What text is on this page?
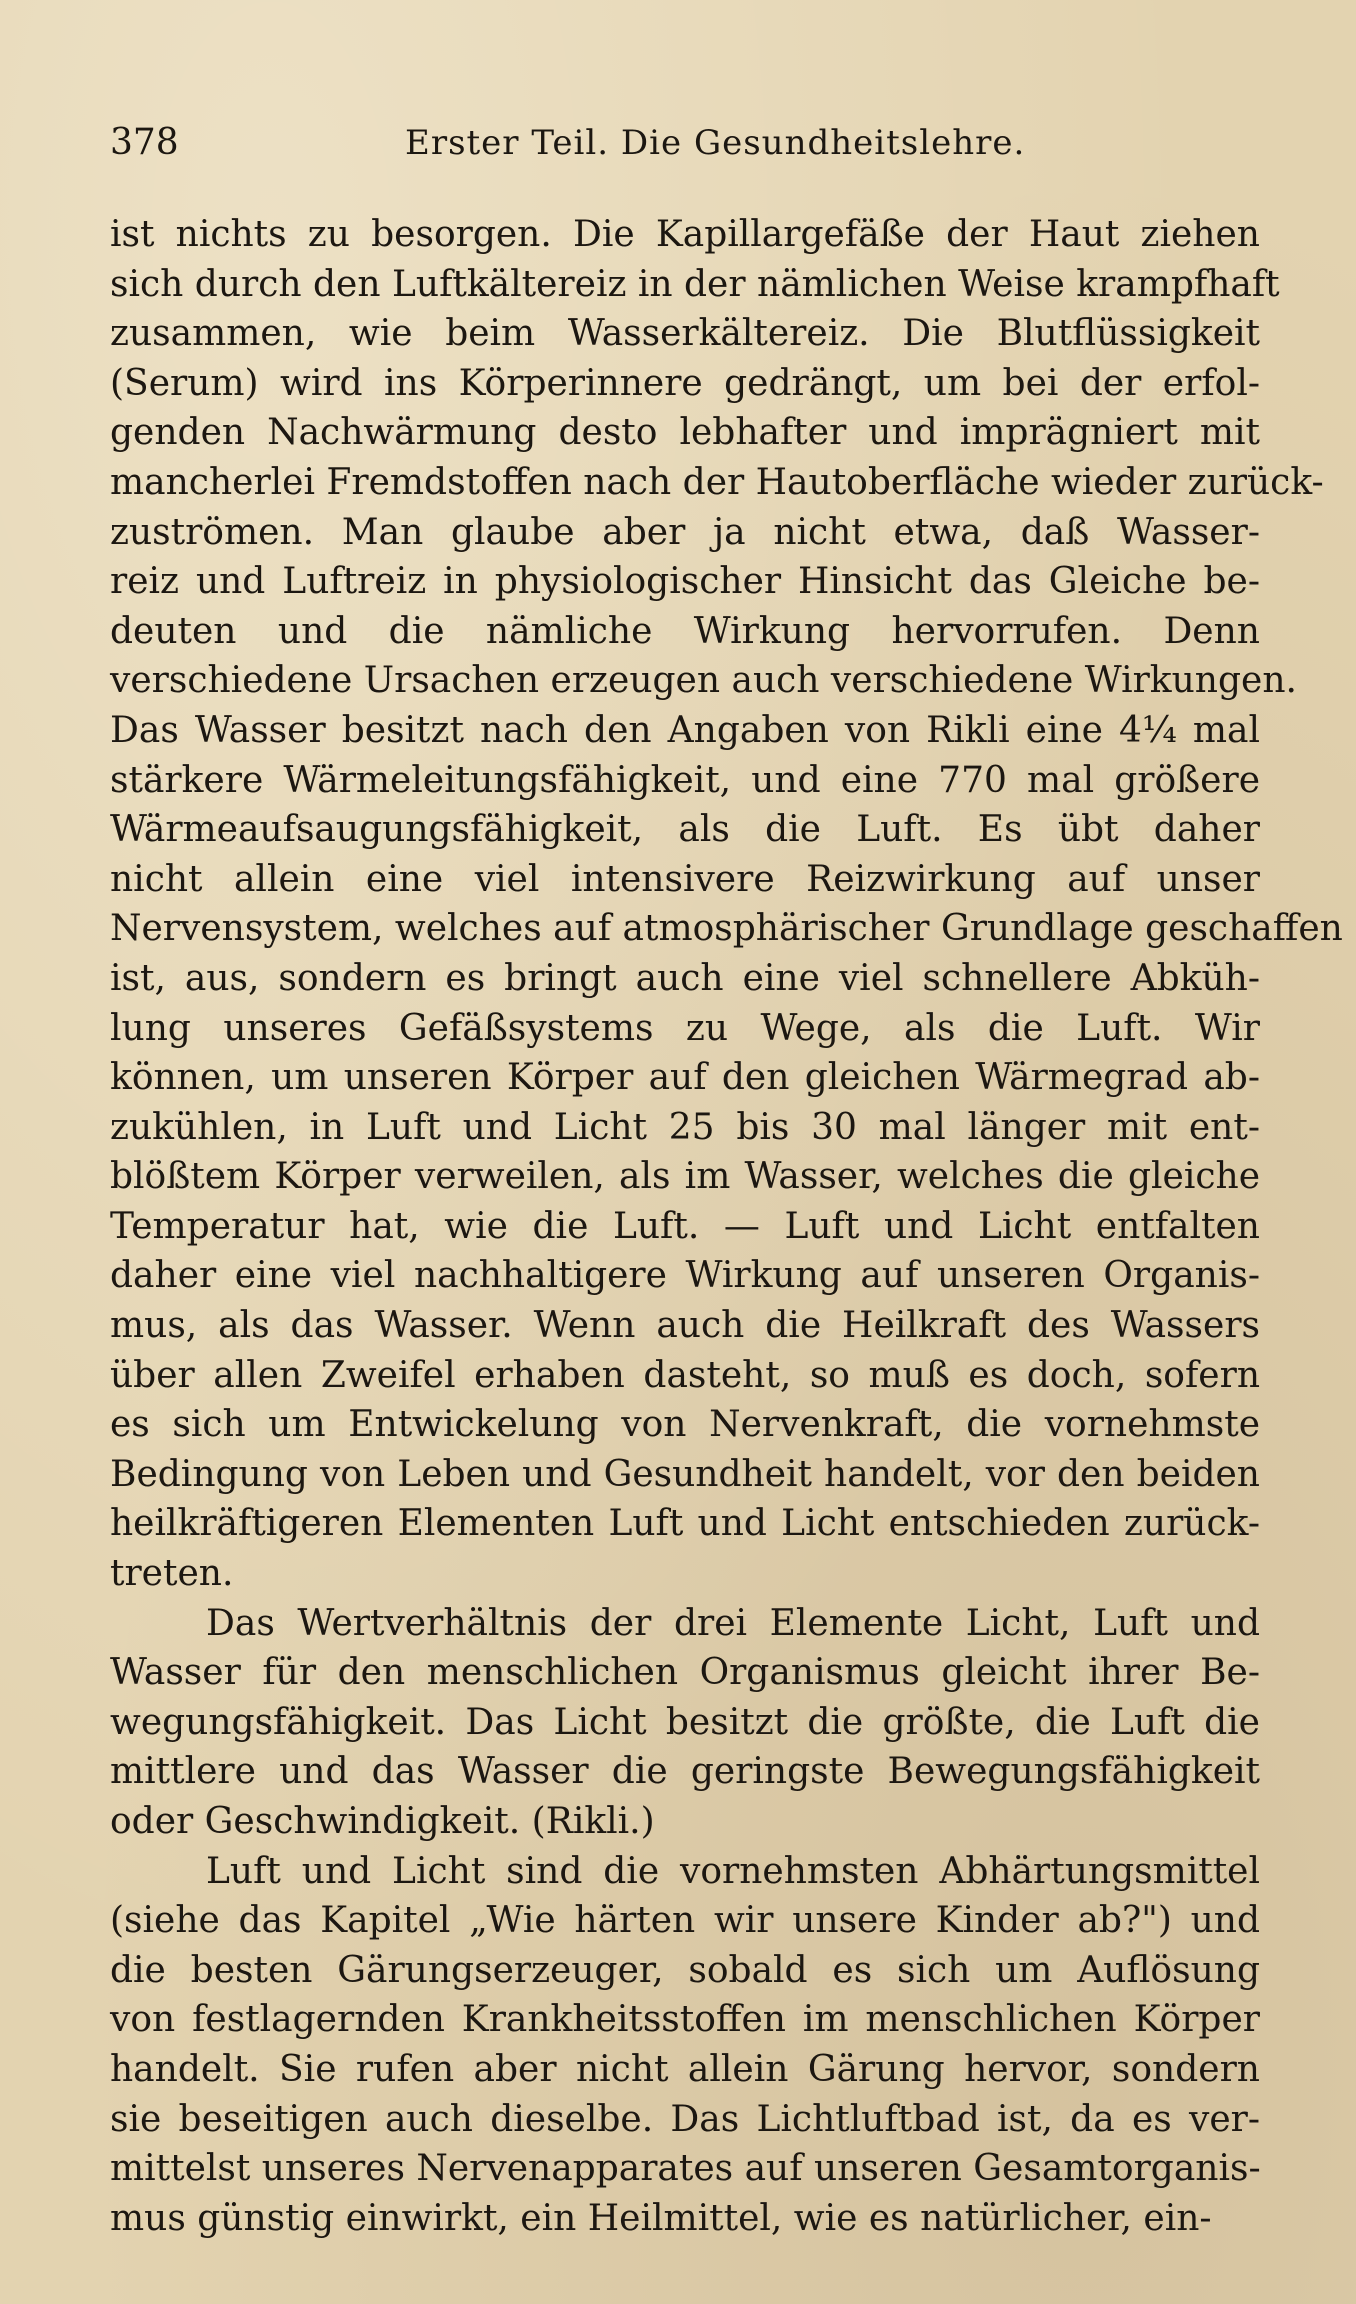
378	Erster Teil. Die Gesundheitslehre.
ist nichts zu besorgen. Die Kapillargefäße der Haut ziehen
sich durch den Luftkältereiz in der nämlichen Weise krampfhaft
zusammen, wie beim Wasserkältereiz. Die Blutflüssigkeit
(Serum) wird ins Körperinnere gedrängt, um bei der erfol-
genden Nachwärmung desto lebhafter und imprägniert mit
mancherlei Fremdstoffen nach der Hautoberfläche wieder zurück-
zuströmen. Man glaube aber ja nicht etwa, daß Wasser-
reiz und Luftreiz in physiologischer Hinsicht das Gleiche be-
deuten und die nämliche Wirkung hervorrufen. Denn
verschiedene Ursachen erzeugen auch verschiedene Wirkungen.
Das Wasser besitzt nach den Angaben von Rikli eine 4¼ mal
stärkere Wärmeleitungsfähigkeit, und eine 770 mal größere
Wärmeaufsaugungsfähigkeit, als die Luft. Es übt daher
nicht allein eine viel intensivere Reizwirkung auf unser
Nervensystem, welches auf atmosphärischer Grundlage geschaffen
ist, aus, sondern es bringt auch eine viel schnellere Abküh-
lung unseres Gefäßsystems zu Wege, als die Luft. Wir
können, um unseren Körper auf den gleichen Wärmegrad ab-
zukühlen, in Luft und Licht 25 bis 30 mal länger mit ent-
blößtem Körper verweilen, als im Wasser, welches die gleiche
Temperatur hat, wie die Luft. — Luft und Licht entfalten
daher eine viel nachhaltigere Wirkung auf unseren Organis-
mus, als das Wasser. Wenn auch die Heilkraft des Wassers
über allen Zweifel erhaben dasteht, so muß es doch, sofern
es sich um Entwickelung von Nervenkraft, die vornehmste
Bedingung von Leben und Gesundheit handelt, vor den beiden
heilkräftigeren Elementen Luft und Licht entschieden zurück-
treten.
Das Wertverhältnis der drei Elemente Licht, Luft und
Wasser für den menschlichen Organismus gleicht ihrer Be-
wegungsfähigkeit. Das Licht besitzt die größte, die Luft die
mittlere und das Wasser die geringste Bewegungsfähigkeit
oder Geschwindigkeit. (Rikli.)
Luft und Licht sind die vornehmsten Abhärtungsmittel
(siehe das Kapitel „Wie härten wir unsere Kinder ab?") und
die besten Gärungserzeuger, sobald es sich um Auflösung
von festlagernden Krankheitsstoffen im menschlichen Körper
handelt. Sie rufen aber nicht allein Gärung hervor, sondern
sie beseitigen auch dieselbe. Das Lichtluftbad ist, da es ver-
mittelst unseres Nervenapparates auf unseren Gesamtorganis-
mus günstig einwirkt, ein Heilmittel, wie es natürlicher, ein-
